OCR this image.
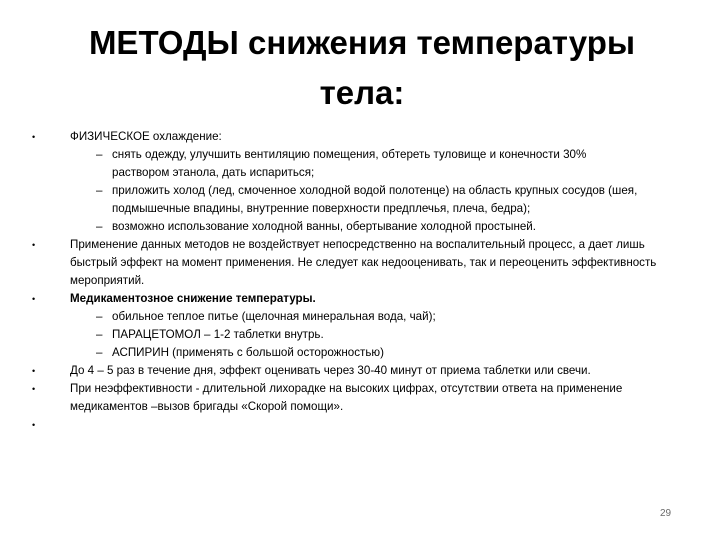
МЕТОДЫ снижения температуры
тела:
•	ФИЗИЧЕСКОЕ охлаждение:
– снять одежду, улучшить вентиляцию помещения, обтереть туловище и конечности 30% раствором этанола, дать испариться;
– приложить холод (лед, смоченное холодной водой полотенце) на область крупных сосудов (шея, подмышечные впадины, внутренние поверхности предплечья, плеча, бедра);
– возможно использование холодной ванны, обертывание холодной простыней.
•	Применение данных методов не воздействует непосредственно на воспалительный процесс, а дает лишь быстрый эффект на момент применения. Не следует как недооценивать, так и переоценить эффективность мероприятий.
•	Медикаментозное снижение температуры.
– обильное теплое питье (щелочная минеральная вода, чай);
– ПАРАЦЕТОМОЛ – 1-2 таблетки внутрь.
– АСПИРИН (применять с большой осторожностью)
•	До 4 – 5 раз в течение дня, эффект оценивать через 30-40 минут от приема таблетки или свечи.
•	При неэффективности - длительной лихорадке на высоких цифрах, отсутствии ответа на применение медикаментов –вызов бригады «Скорой помощи».
•

29
